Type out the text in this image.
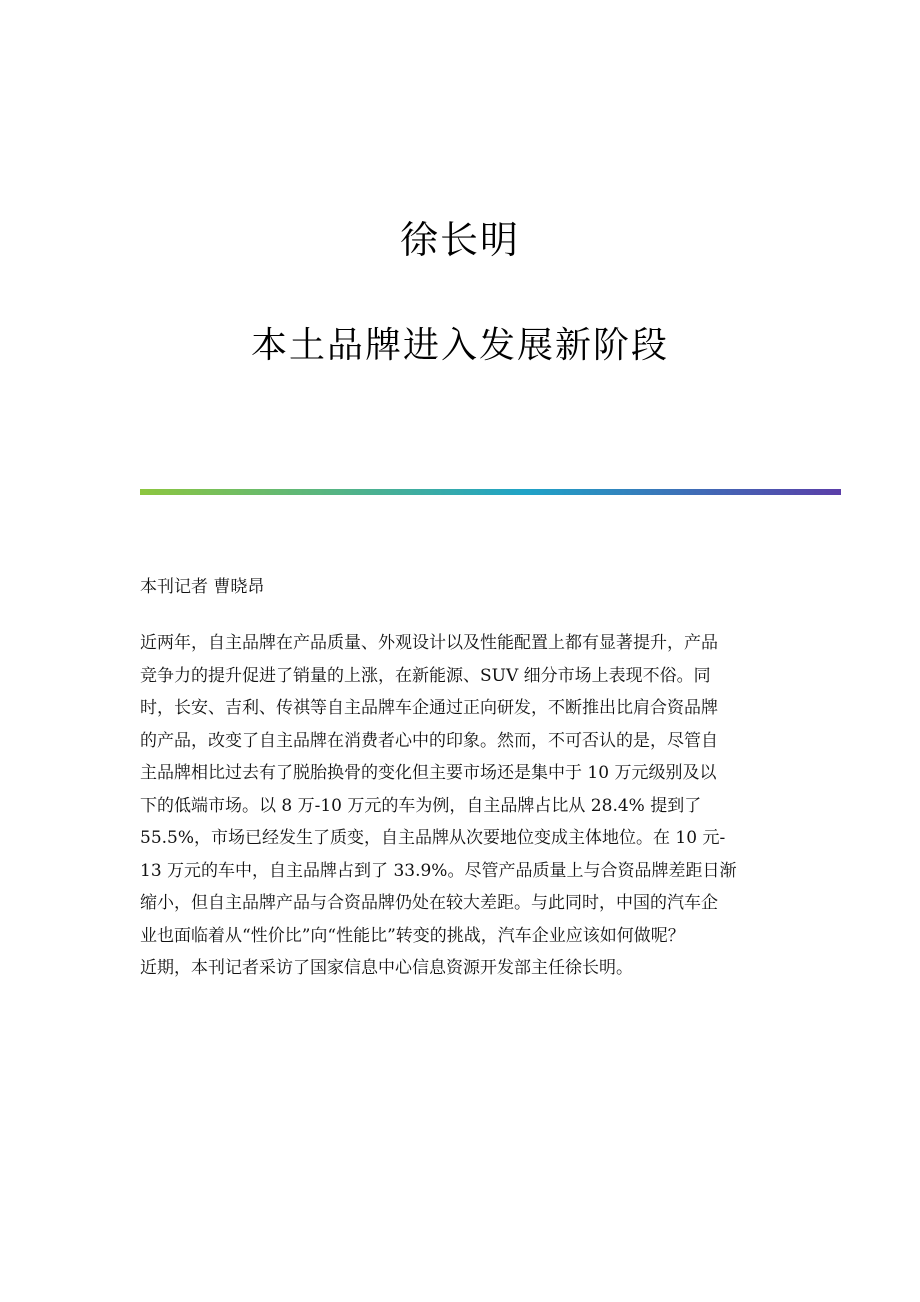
徐长明
本土品牌进入发展新阶段
本刊记者 曹晓昂
近两年，自主品牌在产品质量、外观设计以及性能配置上都有显著提升，产品
竞争力的提升促进了销量的上涨，在新能源、SUV 细分市场上表现不俗。同
时，长安、吉利、传祺等自主品牌车企通过正向研发，不断推出比肩合资品牌
的产品，改变了自主品牌在消费者心中的印象。然而，不可否认的是，尽管自
主品牌相比过去有了脱胎换骨的变化但主要市场还是集中于 10 万元级别及以
下的低端市场。以 8 万-10 万元的车为例，自主品牌占比从 28.4% 提到了
55.5%，市场已经发生了质变，自主品牌从次要地位变成主体地位。在 10 元-
13 万元的车中，自主品牌占到了 33.9%。尽管产品质量上与合资品牌差距日渐
缩小，但自主品牌产品与合资品牌仍处在较大差距。与此同时，中国的汽车企
业也面临着从“性价比”向“性能比”转变的挑战，汽车企业应该如何做呢？
近期，本刊记者采访了国家信息中心信息资源开发部主任徐长明。
